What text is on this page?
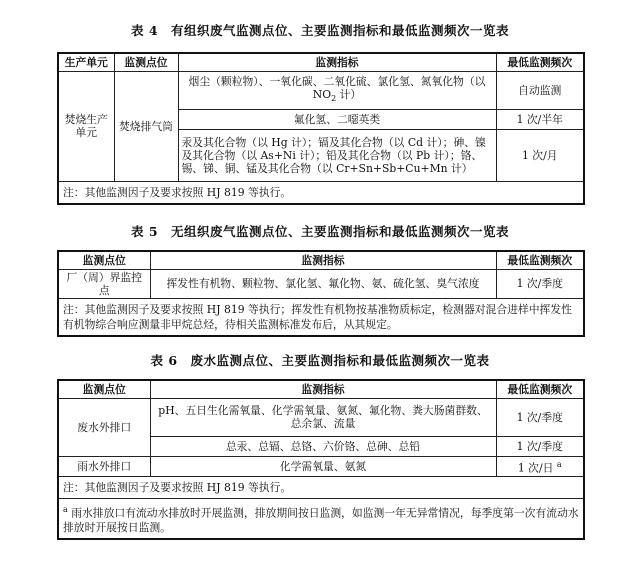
表 4　有组织废气监测点位、主要监测指标和最低监测频次一览表
生产单元	监测点位	监测指标	最低监测频次
焚烧生产单元	焚烧排气筒	烟尘（颗粒物）、一氧化碳、二氧化硫、氯化氢、氮氧化物（以 $NO_2$ 计）	自动监测
		氟化氢、二噁英类	1 次/半年
		汞及其化合物（以 Hg 计）；镉及其化合物（以 Cd 计）；砷、镍及其化合物（以 As+Ni 计）；铅及其化合物（以 Pb 计）；铬、锡、锑、铜、锰及其化合物（以 Cr+Sn+Sb+Cu+Mn 计）	1 次/月
注：其他监测因子及要求按照 HJ 819 等执行。			
表 5　无组织废气监测点位、主要监测指标和最低监测频次一览表
监测点位	监测指标	最低监测频次
厂（周）界监控点	挥发性有机物、颗粒物、氯化氢、氟化物、氨、硫化氢、臭气浓度	1 次/季度
注：其他监测因子及要求按照 HJ 819 等执行；挥发性有机物按基准物质标定，检测器对混合进样中挥发性有机物综合响应测量非甲烷总烃，待相关监测标准发布后，从其规定。		
表 6　废水监测点位、主要监测指标和最低监测频次一览表
监测点位	监测指标	最低监测频次
废水外排口	pH、五日生化需氧量、化学需氧量、氨氮、氟化物、粪大肠菌群数、总余氯、流量	1 次/季度
	总汞、总镉、总铬、六价铬、总砷、总铅	1 次/季度
雨水外排口	化学需氧量、氨氮	1 次/日 $^a$
注：其他监测因子及要求按照 HJ 819 等执行。		
$^a$ 雨水排放口有流动水排放时开展监测，排放期间按日监测，如监测一年无异常情况，每季度第一次有流动水排放时开展按日监测。		
